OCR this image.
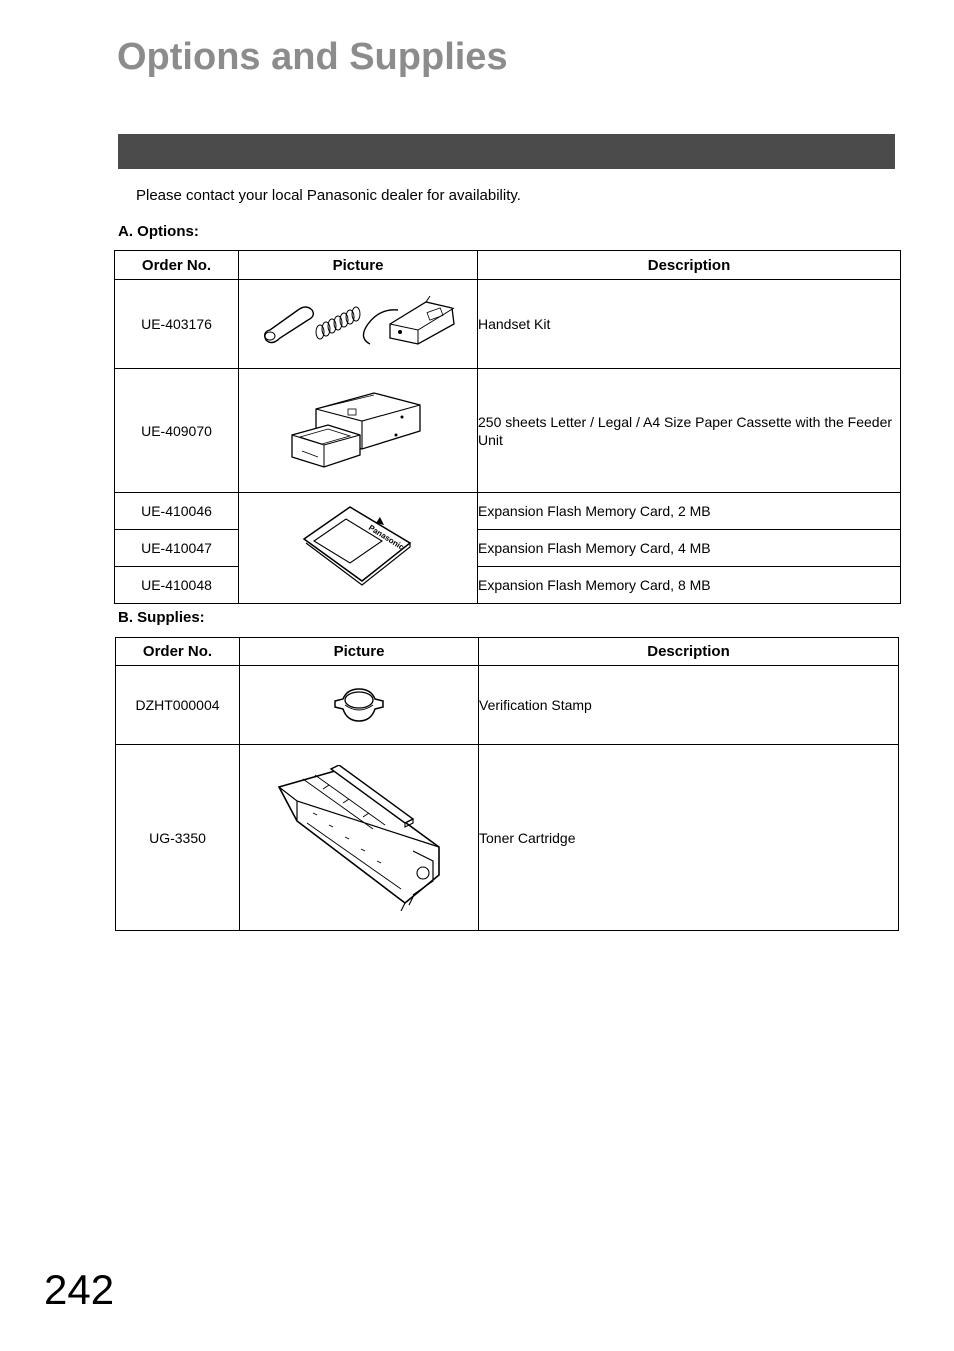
Options and Supplies

Please contact your local Panasonic dealer for availability.

A. Options:

Order No.	Picture	Description
UE-403176		Handset Kit
UE-409070		250 sheets Letter / Legal / A4 Size Paper Cassette with the Feeder Unit
UE-410046	Panasonic	Expansion Flash Memory Card, 2 MB
UE-410047		Expansion Flash Memory Card, 4 MB
UE-410048		Expansion Flash Memory Card, 8 MB

B. Supplies:

Order No.	Picture	Description
DZHT000004		Verification Stamp
UG-3350		Toner Cartridge

242
